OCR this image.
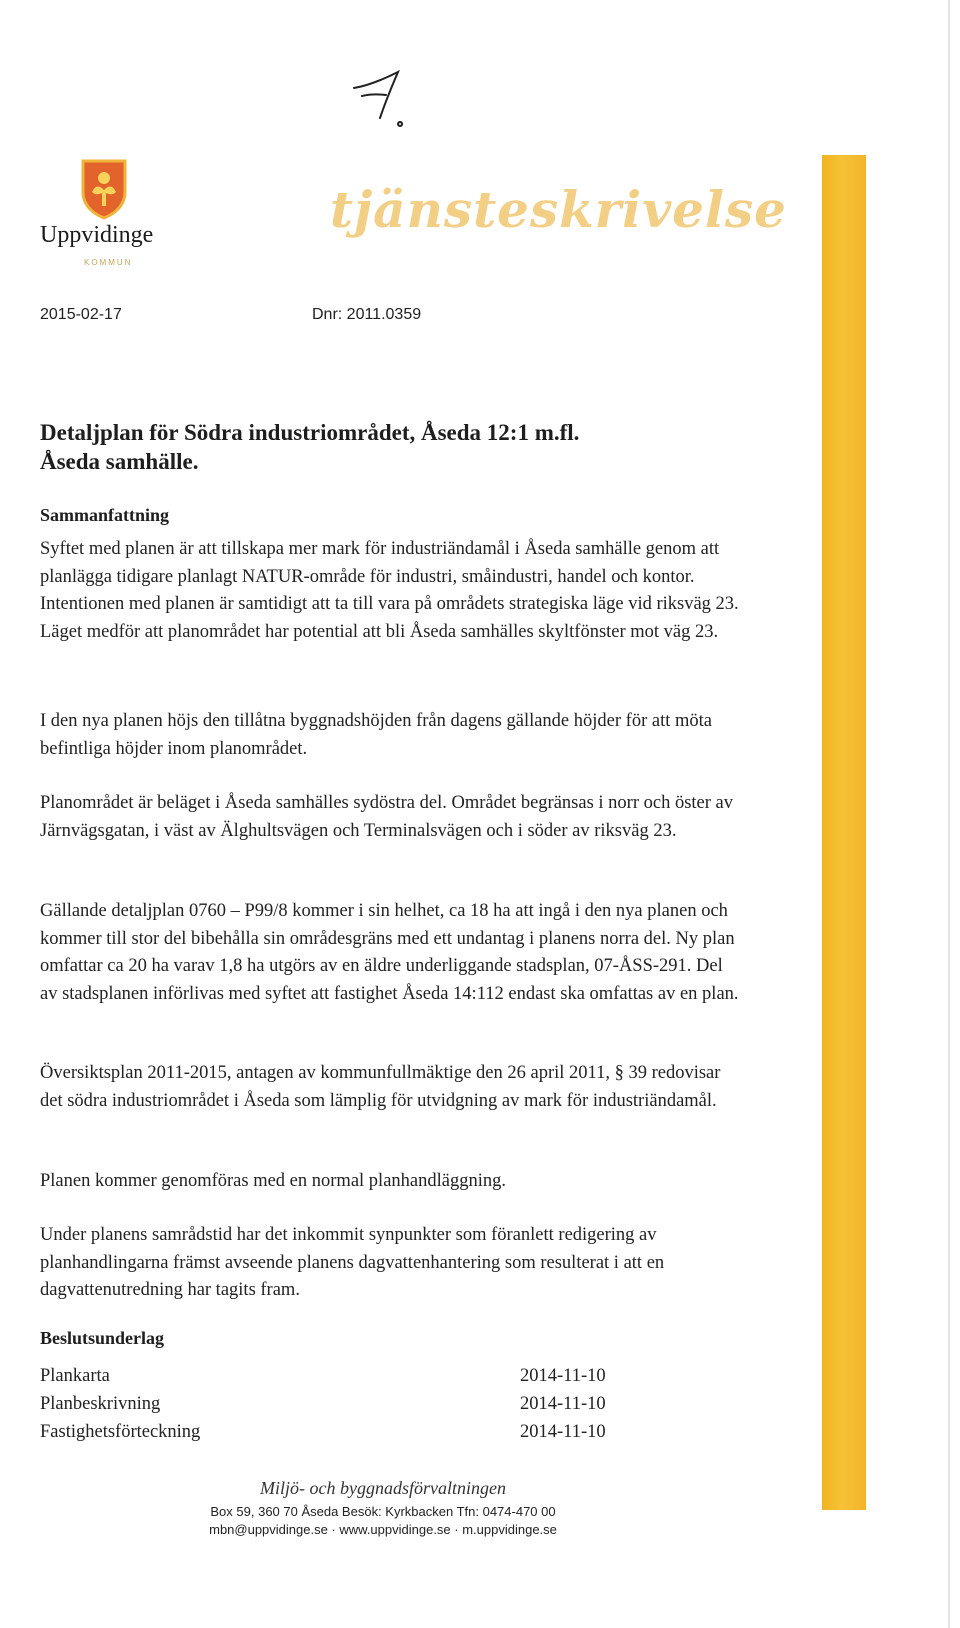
Uppvidinge
KOMMUN
tjänsteskrivelse
2015-02-17	Dnr: 2011.0359
Detaljplan för Södra industriområdet, Åseda 12:1 m.fl.
Åseda samhälle.
Sammanfattning
Syftet med planen är att tillskapa mer mark för industriändamål i Åseda samhälle genom att planlägga tidigare planlagt NATUR-område för industri, småindustri, handel och kontor. Intentionen med planen är samtidigt att ta till vara på områdets strategiska läge vid riksväg 23. Läget medför att planområdet har potential att bli Åseda samhälles skyltfönster mot väg 23.
I den nya planen höjs den tillåtna byggnadshöjden från dagens gällande höjder för att möta befintliga höjder inom planområdet.
Planområdet är beläget i Åseda samhälles sydöstra del. Området begränsas i norr och öster av Järnvägsgatan, i väst av Älghultsvägen och Terminalsvägen och i söder av riksväg 23.
Gällande detaljplan 0760 – P99/8 kommer i sin helhet, ca 18 ha att ingå i den nya planen och kommer till stor del bibehålla sin områdesgräns med ett undantag i planens norra del. Ny plan omfattar ca 20 ha varav 1,8 ha utgörs av en äldre underliggande stadsplan, 07-ÅSS-291. Del av stadsplanen införlivas med syftet att fastighet Åseda 14:112 endast ska omfattas av en plan.
Översiktsplan 2011-2015, antagen av kommunfullmäktige den 26 april 2011, § 39 redovisar det södra industriområdet i Åseda som lämplig för utvidgning av mark för industriändamål.
Planen kommer genomföras med en normal planhandläggning.
Under planens samrådstid har det inkommit synpunkter som föranlett redigering av planhandlingarna främst avseende planens dagvattenhantering som resulterat i att en dagvattenutredning har tagits fram.
Beslutsunderlag
Plankarta	2014-11-10
Planbeskrivning	2014-11-10
Fastighetsförteckning	2014-11-10
Miljö- och byggnadsförvaltningen
Box 59, 360 70 Åseda Besök: Kyrkbacken Tfn: 0474-470 00
mbn@uppvidinge.se · www.uppvidinge.se · m.uppvidinge.se
